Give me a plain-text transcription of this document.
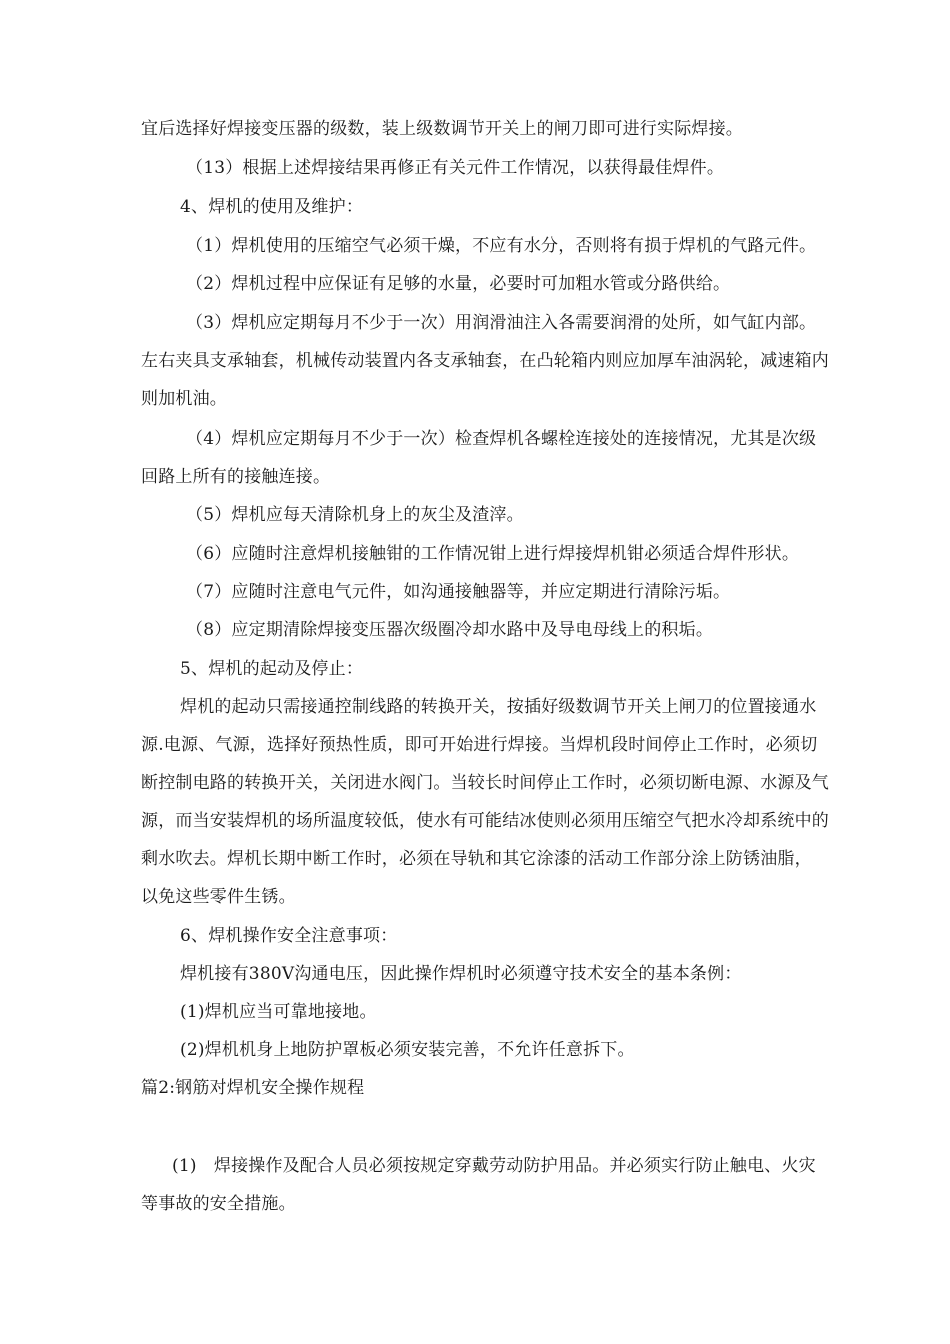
宜后选择好焊接变压器的级数，装上级数调节开关上的闸刀即可进行实际焊接。
（13）根据上述焊接结果再修正有关元件工作情况，以获得最佳焊件。
4、焊机的使用及维护：
（1）焊机使用的压缩空气必须干燥，不应有水分，否则将有损于焊机的气路元件。
（2）焊机过程中应保证有足够的水量，必要时可加粗水管或分路供给。
（3）焊机应定期每月不少于一次）用润滑油注入各需要润滑的处所，如气缸内部。
左右夹具支承轴套，机械传动装置内各支承轴套，在凸轮箱内则应加厚车油涡轮，减速箱内
则加机油。
（4）焊机应定期每月不少于一次）检查焊机各螺栓连接处的连接情况，尤其是次级
回路上所有的接触连接。
（5）焊机应每天清除机身上的灰尘及渣滓。
（6）应随时注意焊机接触钳的工作情况钳上进行焊接焊机钳必须适合焊件形状。
（7）应随时注意电气元件，如沟通接触器等，并应定期进行清除污垢。
（8）应定期清除焊接变压器次级圈冷却水路中及导电母线上的积垢。
5、焊机的起动及停止：
焊机的起动只需接通控制线路的转换开关，按插好级数调节开关上闸刀的位置接通水
源.电源、气源，选择好预热性质，即可开始进行焊接。当焊机段时间停止工作时，必须切
断控制电路的转换开关，关闭进水阀门。当较长时间停止工作时，必须切断电源、水源及气
源，而当安装焊机的场所温度较低，使水有可能结冰使则必须用压缩空气把水冷却系统中的
剩水吹去。焊机长期中断工作时，必须在导轨和其它涂漆的活动工作部分涂上防锈油脂，
以免这些零件生锈。
6、焊机操作安全注意事项：
焊机接有380V沟通电压，因此操作焊机时必须遵守技术安全的基本条例：
(1)焊机应当可靠地接地。
(2)焊机机身上地防护罩板必须安装完善，不允许任意拆下。
篇2:钢筋对焊机安全操作规程
(1)　焊接操作及配合人员必须按规定穿戴劳动防护用品。并必须实行防止触电、火灾
等事故的安全措施。
